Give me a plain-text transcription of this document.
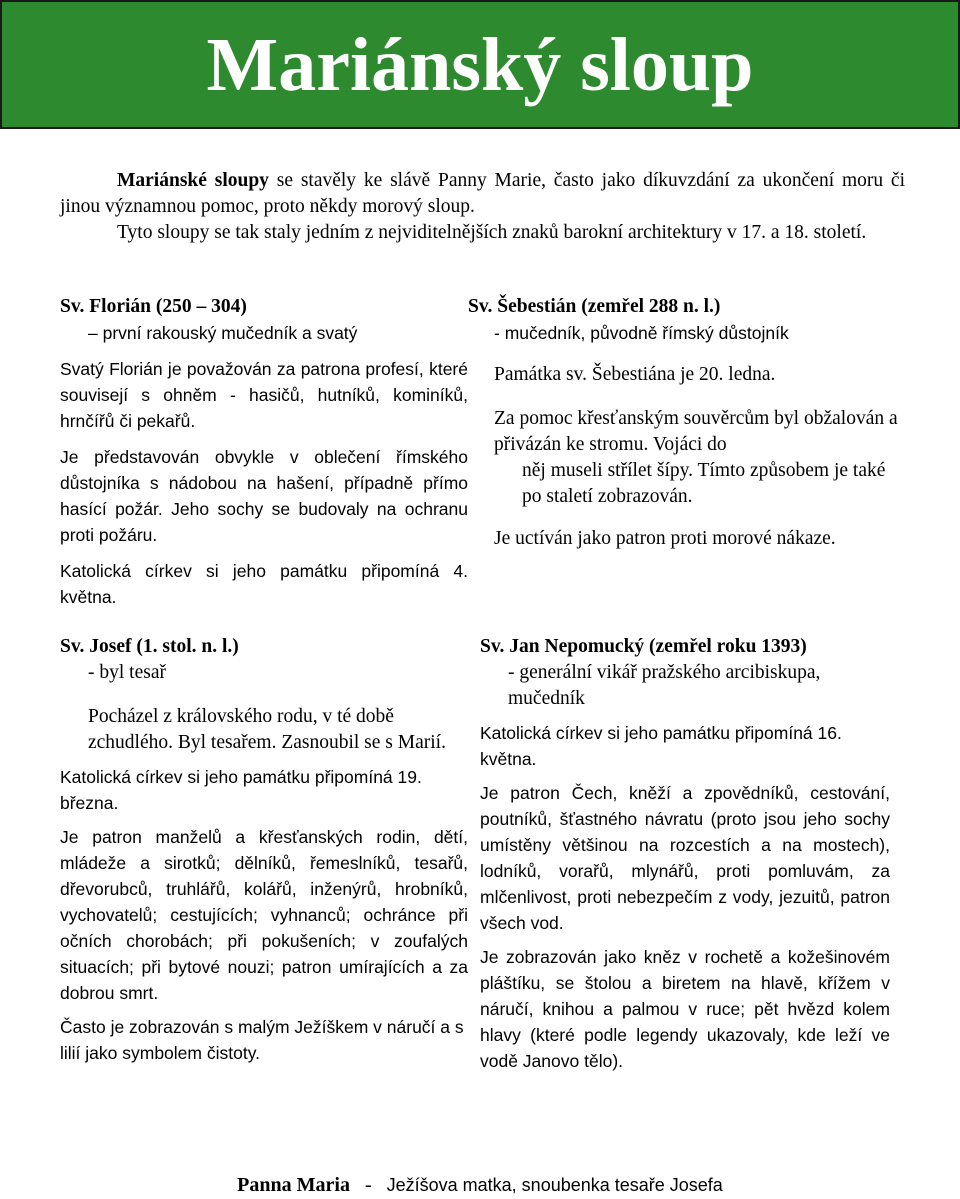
Mariánský sloup

Mariánské sloupy se stavěly ke slávě Panny Marie, často jako díkuvzdání za ukončení moru či jinou významnou pomoc, proto někdy morový sloup.

Tyto sloupy se tak staly jedním z nejviditelnějších znaků barokní architektury v 17. a 18. století.

Sv. Florián (250 – 304)

– první rakouský mučedník a svatý

Svatý Florián je považován za patrona profesí, které souvisejí s ohněm - hasičů, hutníků, kominíků, hrnčířů či pekařů.

Je představován obvykle v oblečení římského důstojníka s nádobou na hašení, případně přímo hasící požár. Jeho sochy se budovaly na ochranu proti požáru.

Katolická církev si jeho památku připomíná 4. května.

Sv. Šebestián (zemřel 288 n. l.)

- mučedník, původně římský důstojník

Památka sv. Šebestiána je 20. ledna.

Za pomoc křesťanským souvěrcům byl obžalován a přivázán ke stromu. Vojáci do

něj museli střílet šípy. Tímto způsobem je také po staletí zobrazován.

Je uctíván jako patron proti morové nákaze.

Sv. Josef (1. stol. n. l.)

- byl tesař

Pocházel z královského rodu, v té době zchudlého. Byl tesařem. Zasnoubil se s Marií.

Katolická církev si jeho památku připomíná 19. března.

Je patron manželů a křesťanských rodin, dětí, mládeže a sirotků; dělníků, řemeslníků, tesařů, dřevorubců, truhlářů, kolářů, inženýrů, hrobníků, vychovatelů; cestujících; vyhnanců; ochránce při očních chorobách; při pokušeních; v zoufalých situacích; při bytové nouzi; patron umírajících a za dobrou smrt.

Často je zobrazován s malým Ježíškem v náručí a s lilií jako symbolem čistoty.

Sv. Jan Nepomucký (zemřel roku 1393)

- generální vikář pražského arcibiskupa, mučedník

Katolická církev si jeho památku připomíná 16. května.

Je patron Čech, kněží a zpovědníků, cestování, poutníků, šťastného návratu (proto jsou jeho sochy umístěny většinou na rozcestích a na mostech), lodníků, vorařů, mlynářů, proti pomluvám, za mlčenlivost, proti nebezpečím z vody, jezuitů, patron všech vod.

Je zobrazován jako kněz v rochetě a kožešinovém pláštíku, se štolou a biretem na hlavě, křížem v náručí, knihou a palmou v ruce; pět hvězd kolem hlavy (které podle legendy ukazovaly, kde leží ve vodě Janovo tělo).

Panna Maria - Ježíšova matka, snoubenka tesaře Josefa
